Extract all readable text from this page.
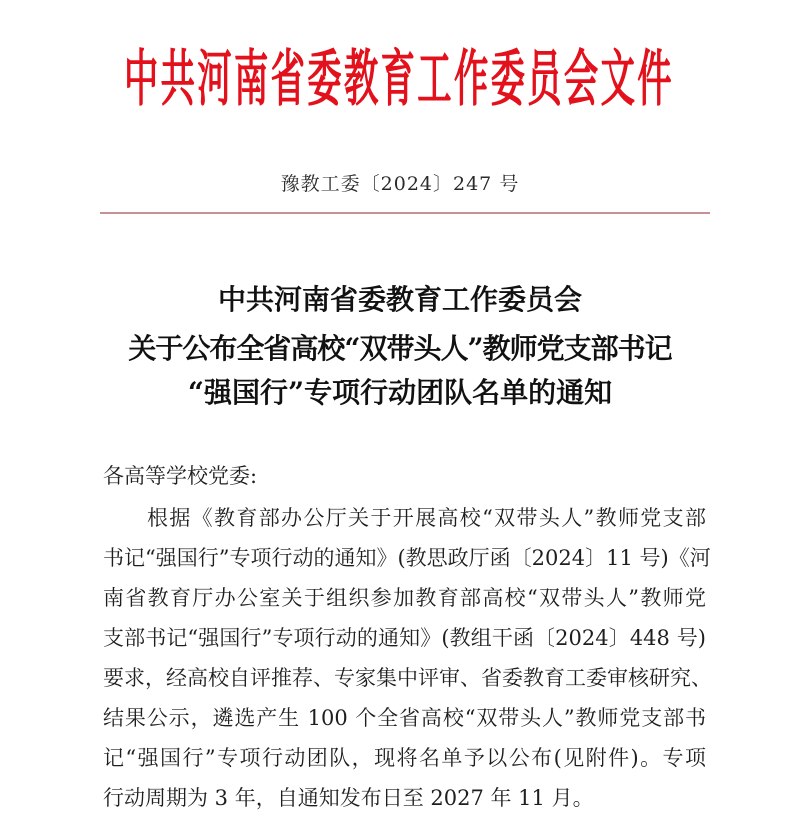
中共河南省委教育工作委员会文件
豫教工委〔2024〕247 号
中共河南省委教育工作委员会
关于公布全省高校“双带头人”教师党支部书记
“强国行”专项行动团队名单的通知
各高等学校党委:
根据《教育部办公厅关于开展高校“双带头人”教师党支部
书记“强国行”专项行动的通知》(教思政厅函〔2024〕11 号)《河
南省教育厅办公室关于组织参加教育部高校“双带头人”教师党
支部书记“强国行”专项行动的通知》(教组干函〔2024〕448 号)
要求，经高校自评推荐、专家集中评审、省委教育工委审核研究、
结果公示，遴选产生 100 个全省高校“双带头人”教师党支部书
记“强国行”专项行动团队，现将名单予以公布(见附件)。专项
行动周期为 3 年，自通知发布日至 2027 年 11 月。
